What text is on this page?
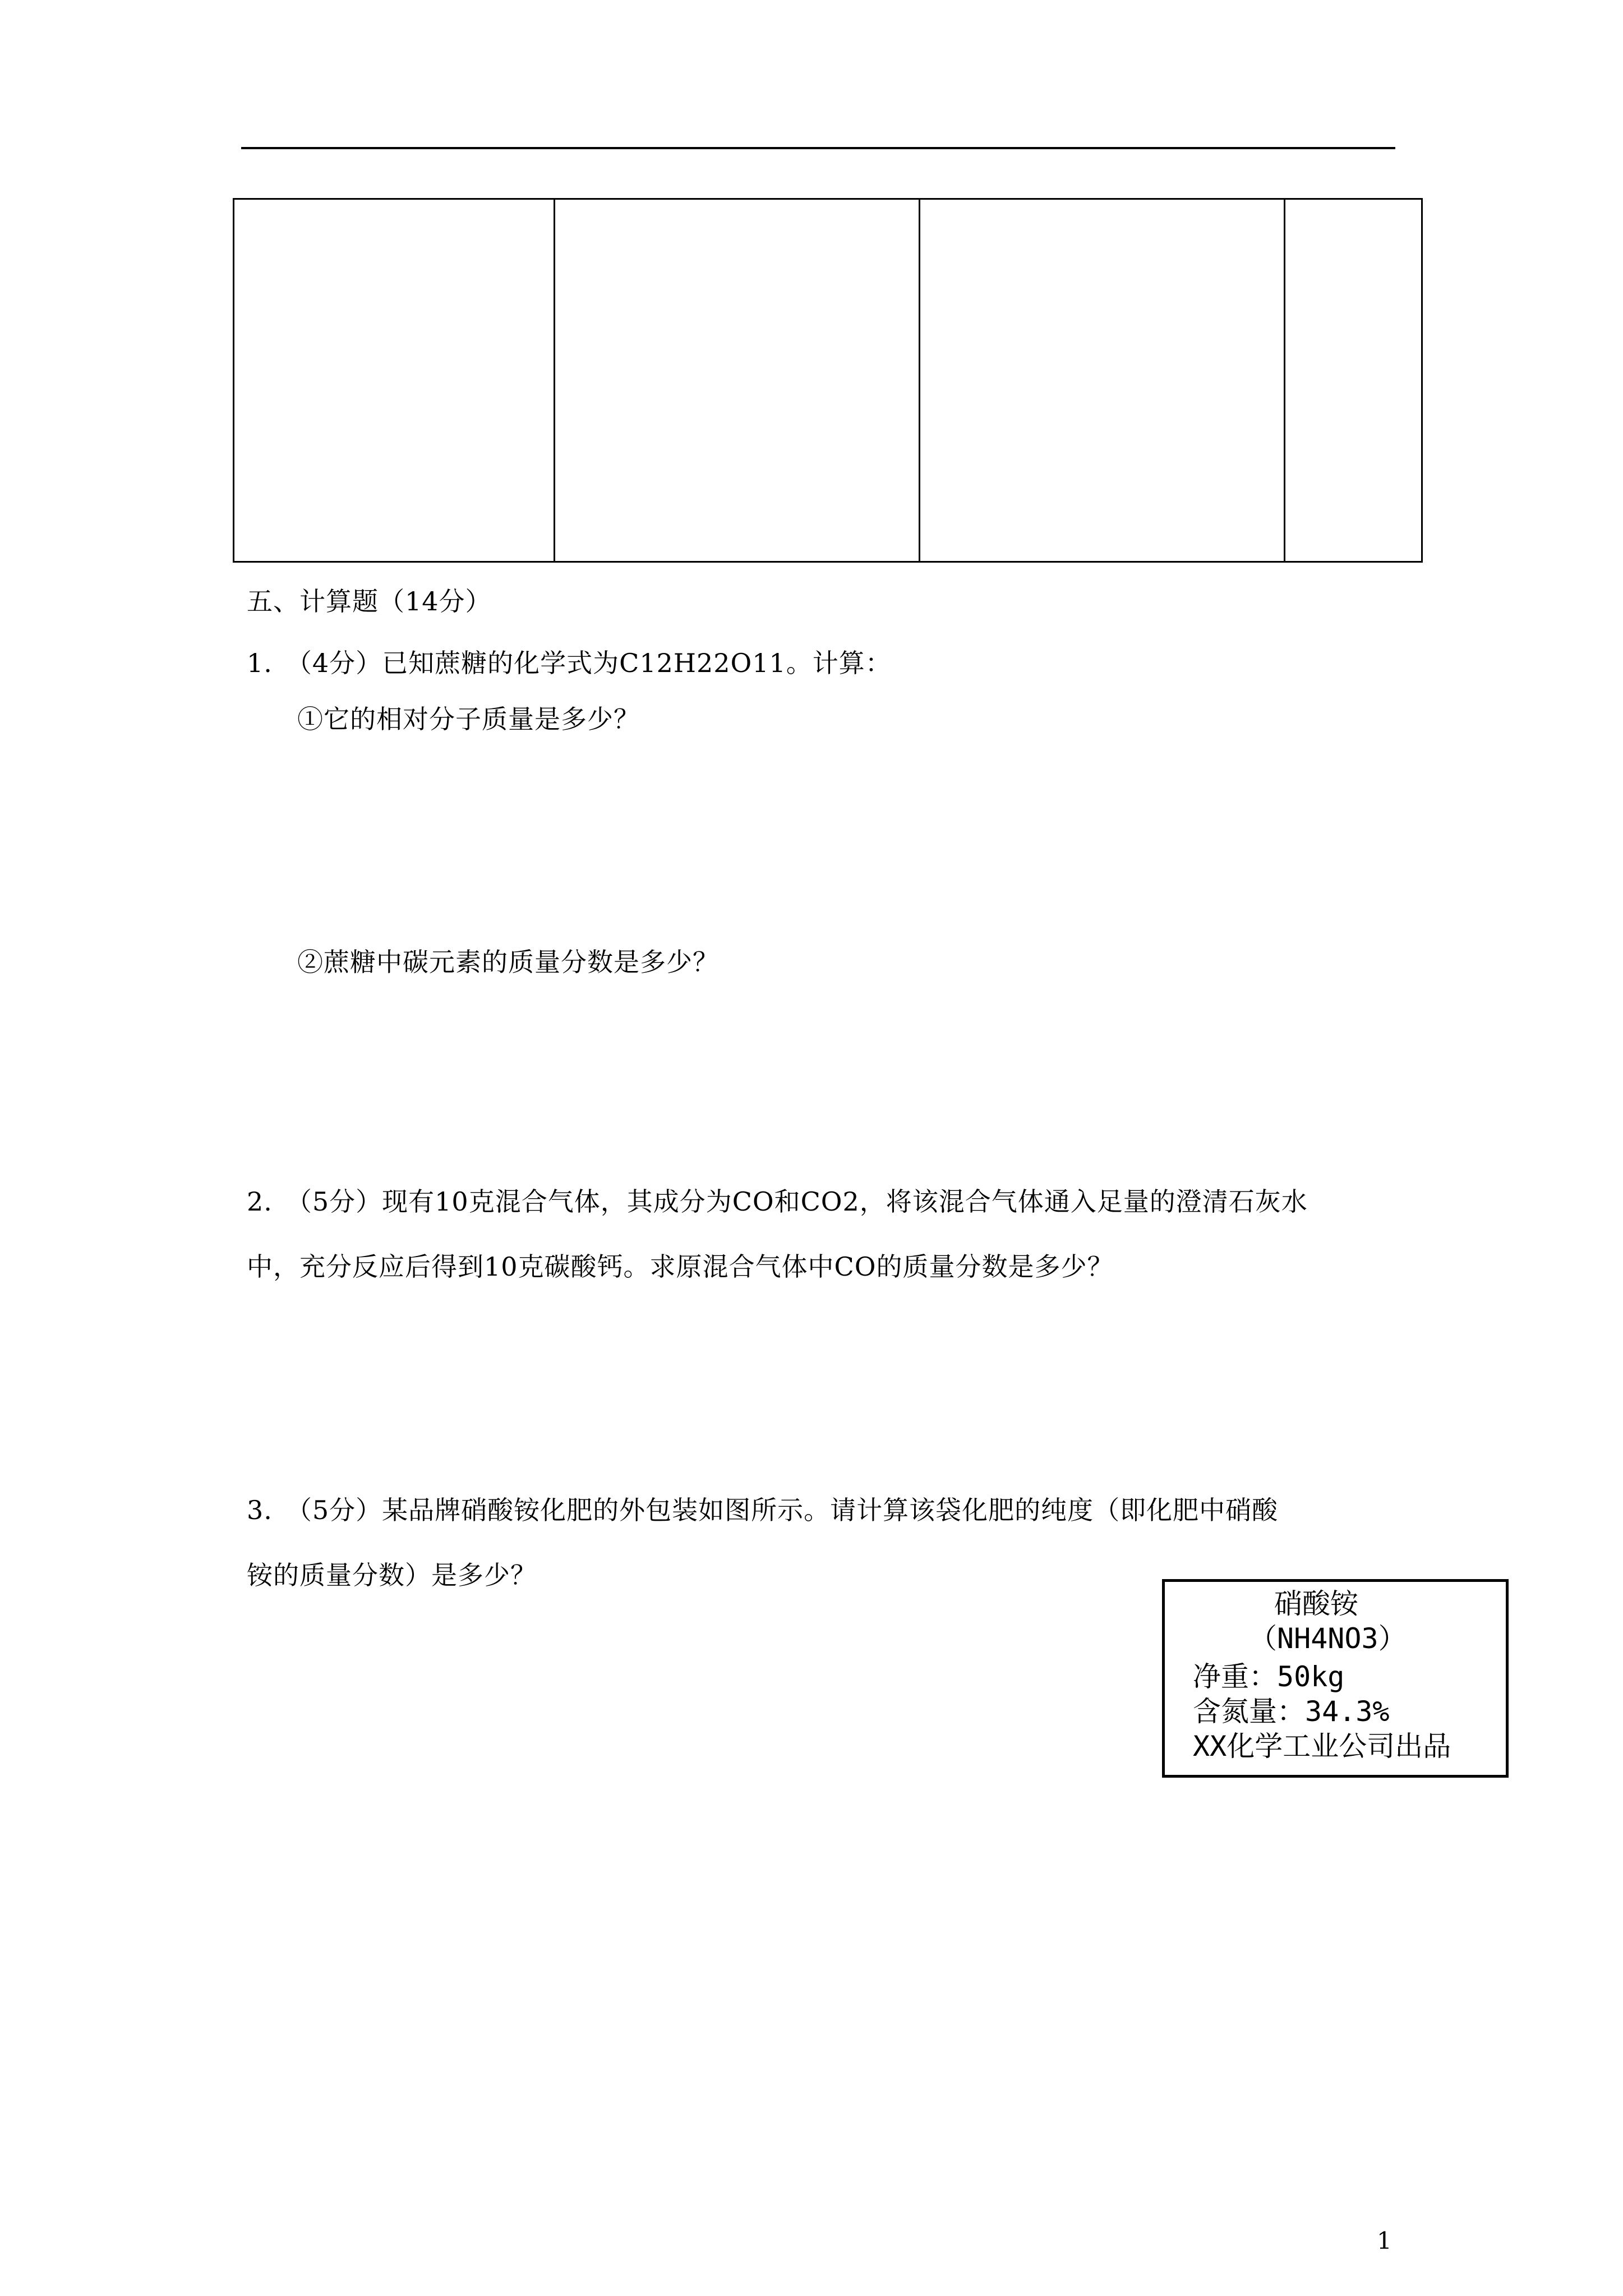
五、计算题（14分）
1.　（4分）已知蔗糖的化学式为C12H22O11。计算：
①它的相对分子质量是多少？
②蔗糖中碳元素的质量分数是多少？
2.　（5分）现有10克混合气体，其成分为CO和CO2，将该混合气体通入足量的澄清石灰水
中，充分反应后得到10克碳酸钙。求原混合气体中CO的质量分数是多少？
3.　（5分）某品牌硝酸铵化肥的外包装如图所示。请计算该袋化肥的纯度（即化肥中硝酸
铵的质量分数）是多少？
硝酸铵
（NH4NO3）
净重：50kg
含氮量：34.3%
XX化学工业公司出品
1
